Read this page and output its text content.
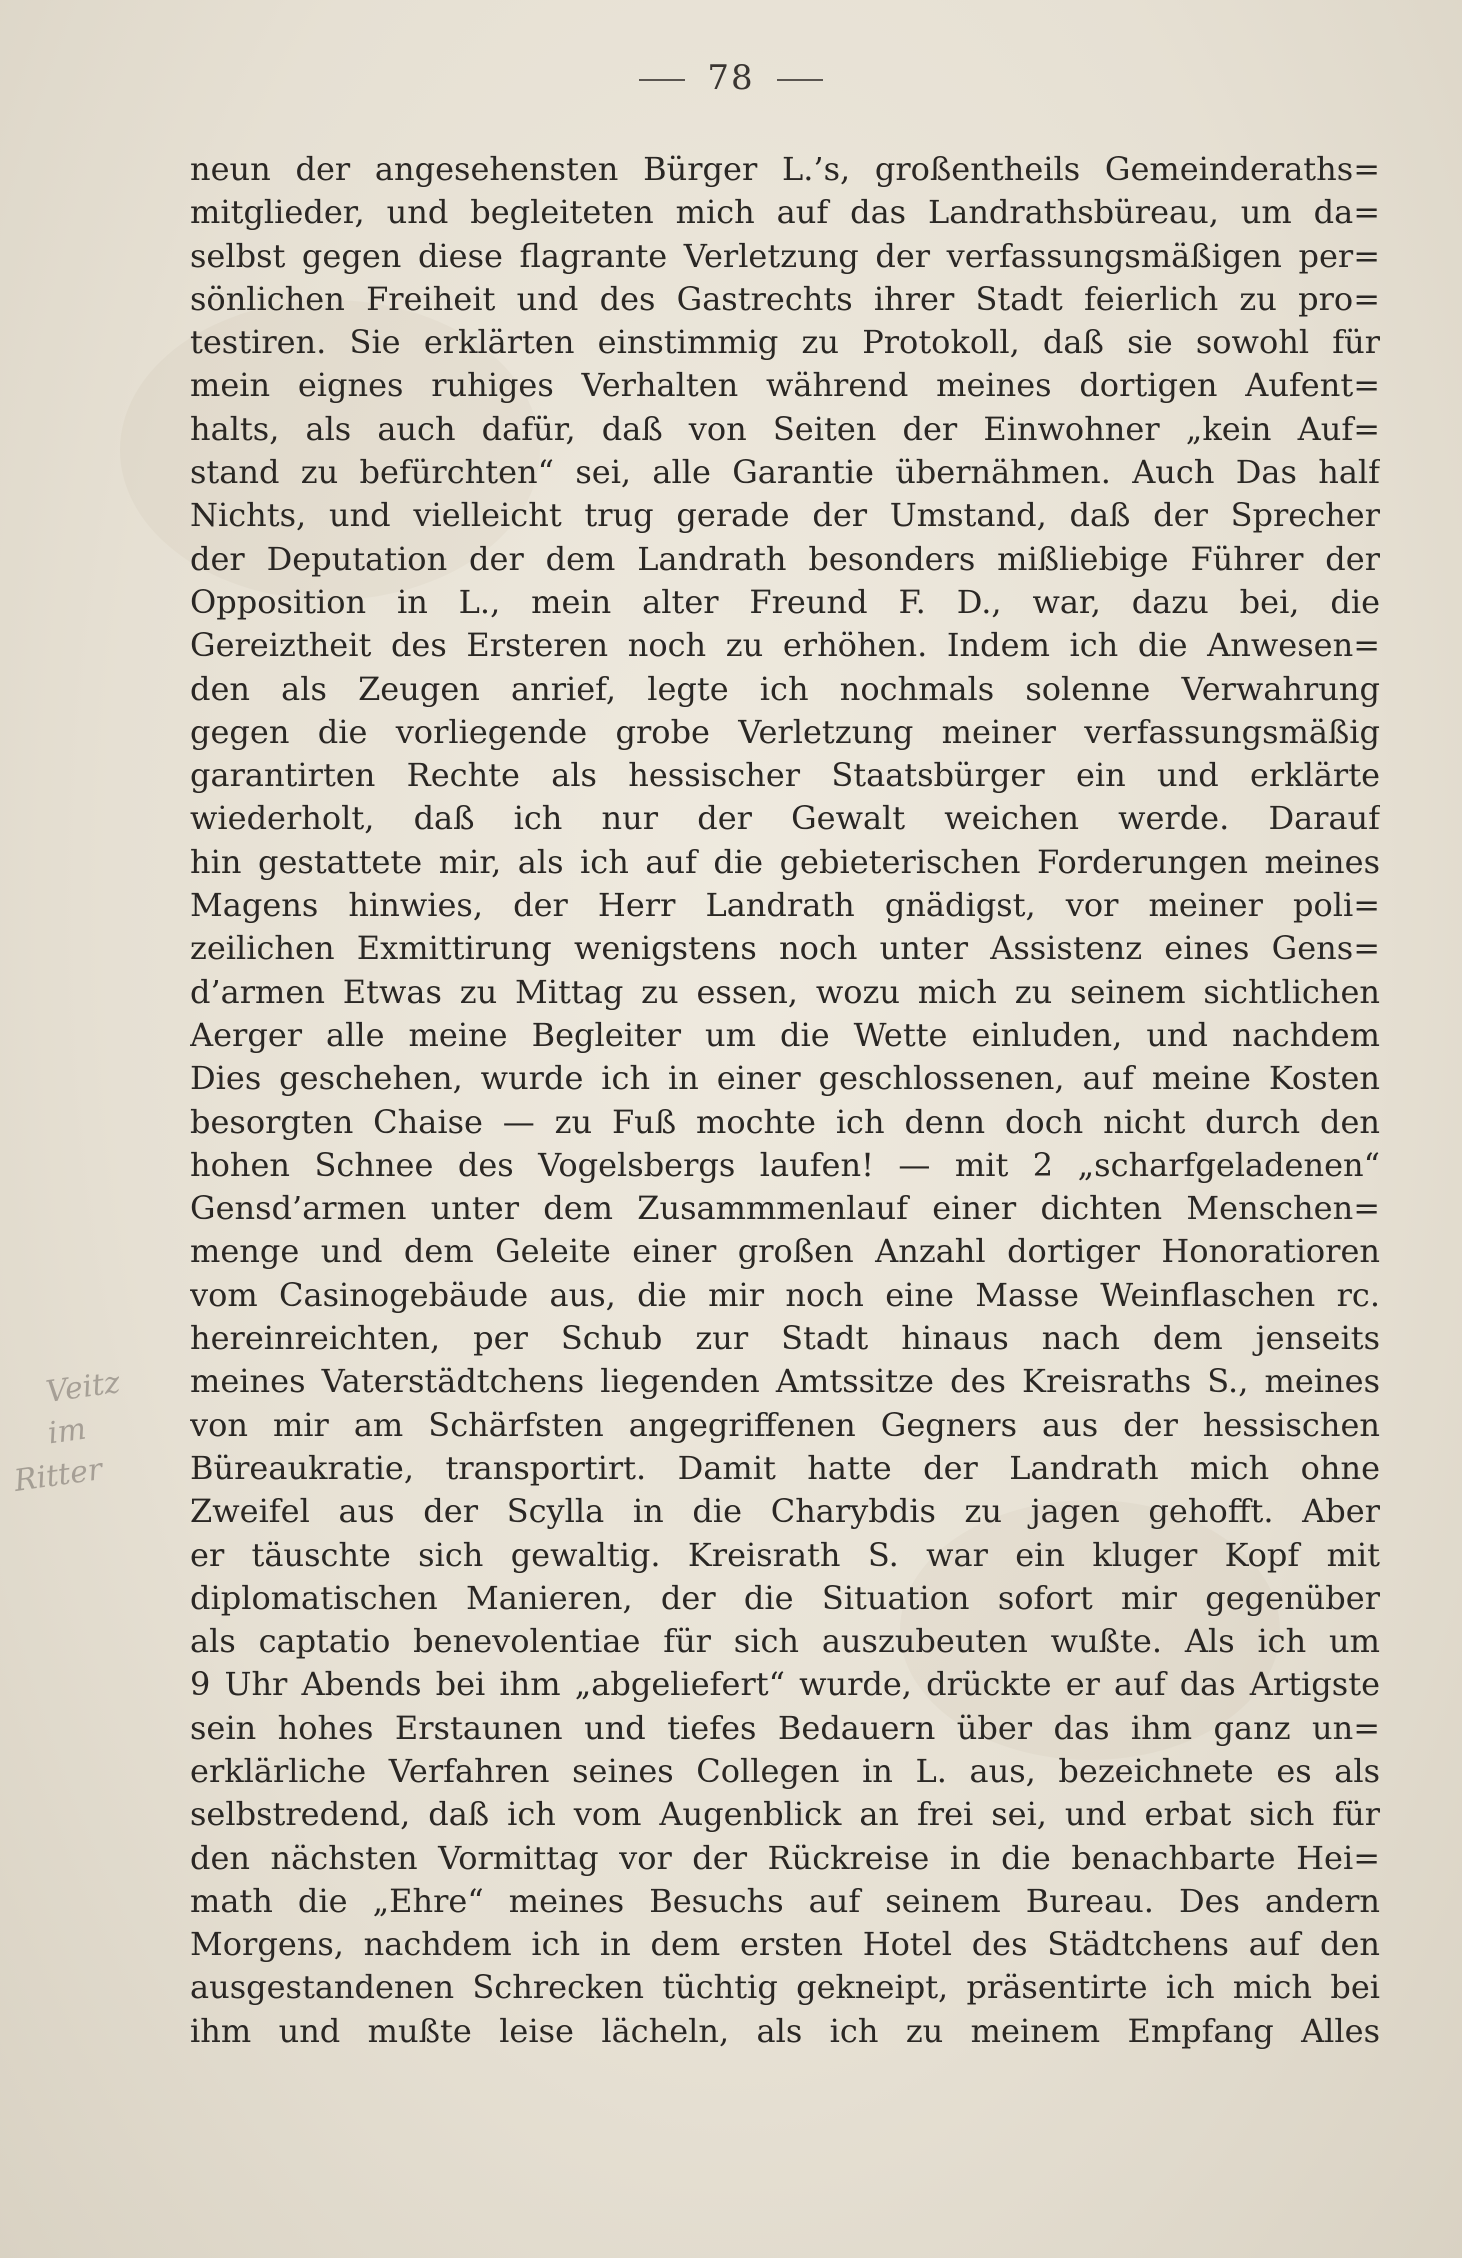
78
Veitz
im
Ritter
neun der angesehensten Bürger L.’s, großentheils Gemeinderaths=
mitglieder, und begleiteten mich auf das Landrathsbüreau, um da=
selbst gegen diese flagrante Verletzung der verfassungsmäßigen per=
sönlichen Freiheit und des Gastrechts ihrer Stadt feierlich zu pro=
testiren. Sie erklärten einstimmig zu Protokoll, daß sie sowohl für
mein eignes ruhiges Verhalten während meines dortigen Aufent=
halts, als auch dafür, daß von Seiten der Einwohner „kein Auf=
stand zu befürchten“ sei, alle Garantie übernähmen. Auch Das half
Nichts, und vielleicht trug gerade der Umstand, daß der Sprecher
der Deputation der dem Landrath besonders mißliebige Führer der
Opposition in L., mein alter Freund F. D., war, dazu bei, die
Gereiztheit des Ersteren noch zu erhöhen. Indem ich die Anwesen=
den als Zeugen anrief, legte ich nochmals solenne Verwahrung
gegen die vorliegende grobe Verletzung meiner verfassungsmäßig
garantirten Rechte als hessischer Staatsbürger ein und erklärte
wiederholt, daß ich nur der Gewalt weichen werde. Darauf
hin gestattete mir, als ich auf die gebieterischen Forderungen meines
Magens hinwies, der Herr Landrath gnädigst, vor meiner poli=
zeilichen Exmittirung wenigstens noch unter Assistenz eines Gens=
d’armen Etwas zu Mittag zu essen, wozu mich zu seinem sichtlichen
Aerger alle meine Begleiter um die Wette einluden, und nachdem
Dies geschehen, wurde ich in einer geschlossenen, auf meine Kosten
besorgten Chaise — zu Fuß mochte ich denn doch nicht durch den
hohen Schnee des Vogelsbergs laufen! — mit 2 „scharfgeladenen“
Gensd’armen unter dem Zusammmenlauf einer dichten Menschen=
menge und dem Geleite einer großen Anzahl dortiger Honoratioren
vom Casinogebäude aus, die mir noch eine Masse Weinflaschen rc.
hereinreichten, per Schub zur Stadt hinaus nach dem jenseits
meines Vaterstädtchens liegenden Amtssitze des Kreisraths S., meines
von mir am Schärfsten angegriffenen Gegners aus der hessischen
Büreaukratie, transportirt. Damit hatte der Landrath mich ohne
Zweifel aus der Scylla in die Charybdis zu jagen gehofft. Aber
er täuschte sich gewaltig. Kreisrath S. war ein kluger Kopf mit
diplomatischen Manieren, der die Situation sofort mir gegenüber
als captatio benevolentiae für sich auszubeuten wußte. Als ich um
9 Uhr Abends bei ihm „abgeliefert“ wurde, drückte er auf das Artigste
sein hohes Erstaunen und tiefes Bedauern über das ihm ganz un=
erklärliche Verfahren seines Collegen in L. aus, bezeichnete es als
selbstredend, daß ich vom Augenblick an frei sei, und erbat sich für
den nächsten Vormittag vor der Rückreise in die benachbarte Hei=
math die „Ehre“ meines Besuchs auf seinem Bureau. Des andern
Morgens, nachdem ich in dem ersten Hotel des Städtchens auf den
ausgestandenen Schrecken tüchtig gekneipt, präsentirte ich mich bei
ihm und mußte leise lächeln, als ich zu meinem Empfang Alles
